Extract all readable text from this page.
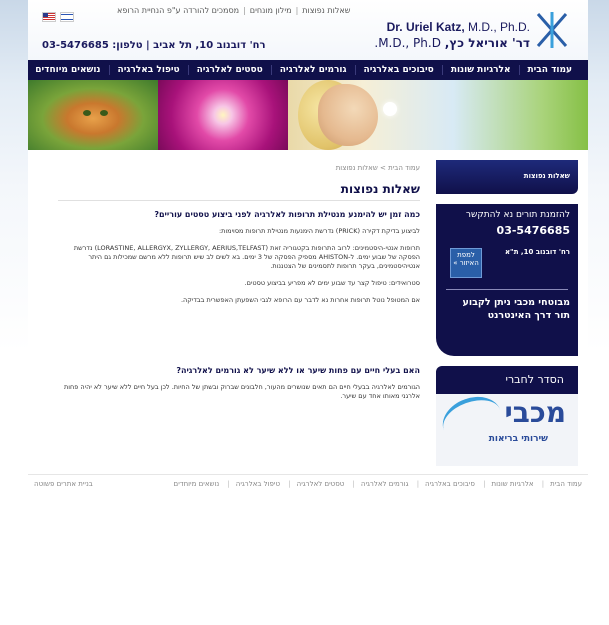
Dr. Uriel Katz, M.D., Ph.D.
דר' אוריאל כץ, M.D., Ph.D.
שאלות נפוצות|מילון מונחים|מסמכים להורדה ע"פ הנחיית הרופא
רח' דובנוב 10, תל אביב | טלפון: 03-5476685
עמוד הבית
אלרגיות שונות
סיבוכים באלרגיה
גורמים לאלרגיה
טסטים לאלרגיה
טיפול באלרגיה
נושאים מיוחדים
עמוד הבית > שאלות נפוצות
שאלות נפוצות
כמה זמן יש להימנע מנטילת תרופות לאלרגיה לפני ביצוע טסטים עוריים?
לביצוע בדיקת דקירה (PRICK) נדרשת הימנעות מנטילת תרופות מסוימות:
תרופות אנטי-היסטמינים: לרוב התרופות בקטגוריה זאת (LORASTINE, ALLERGYX, ZYLLERGY, AERIUS,TELFAST) נדרשת הפסקה של שבוע ימים. ל-AHISTON מספיק הפסקה של 3 ימים. בא לשים לב שיש תרופות ללא מרשם שמכילות גם היתר אנטיהיסטמינים, בעקר תרופות לתסמינים של הצטננות.
סטרואידים: טיפול קצר עד שבוע ימים לא מפריע בביצוע טסטים.
אם המטופל נוטל תרופות אחרות נא לדבר עם הרופא לגבי השפעתן האפשרית בבדיקה.
האם בעלי חיים עם פחות שיער או ללא שיער לא גורמים לאלרגיה?
הגורמים לאלרגיה בבעלי חיים הם תאים שנושרים מהעור, חלבונים שברוק ובשתן של החיות. לכן בעל חיים ללא שיער לא יהיה פחות אלרגני מאותו אחד עם שיער.
שאלות נפוצות
להזמנת תורים נא להתקשר
03-5476685
רח' דובנוב 10, ת"א
למפת האיזור »
מבוטחי מכבי ניתן לקבוע תור דרך האינטרנט
הסדר לחברי
מכבי
שירותי בריאות
עמוד הבית| אלרגיות שונות| סיבוכים באלרגיה| גורמים לאלרגיה| טסטים לאלרגיה| טיפול באלרגיה| נושאים מיוחדים
בניית אתרים פשוטה
